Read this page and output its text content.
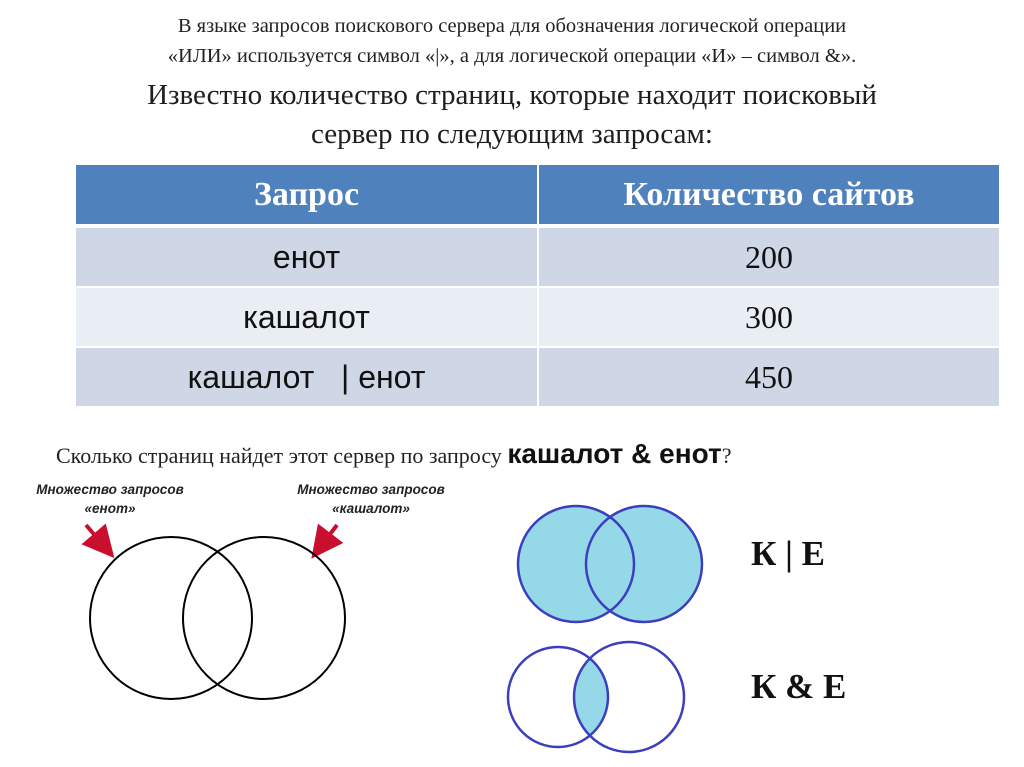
В языке запросов поискового сервера для обозначения логической операции
«ИЛИ» используется символ «|», а для логической операции «И» – символ &».
Известно количество страниц, которые находит поисковый
сервер по следующим запросам:
Запрос	Количество сайтов
енот	200
кашалот	300
кашалот   | енот	450
Сколько страниц найдет этот сервер по запросу кашалот & енот?
Множество запросов
«енот»
Множество запросов
«кашалот»
К | Е
К & Е
